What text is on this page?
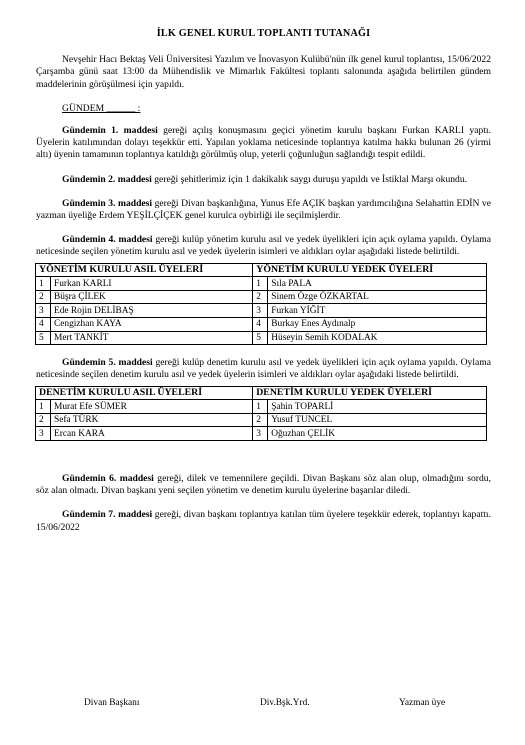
İLK GENEL KURUL TOPLANTI TUTANAĞI

Nevşehir Hacı Bektaş Veli Üniversitesi Yazılım ve İnovasyon Kulübü'nün ilk genel kurul toplantısı, 15/06/2022 Çarşamba günü saat 13:00 da Mühendislik ve Mimarlık Fakültesi toplantı salonunda aşağıda belirtilen gündem maddelerinin görüşülmesi için yapıldı.

GÜNDEM ______ :

Gündemin 1. maddesi gereği açılış konuşmasını geçici yönetim kurulu başkanı Furkan KARLI yaptı. Üyelerin katılımından dolayı teşekkür etti. Yapılan yoklama neticesinde toplantıya katılma hakkı bulunan 26 (yirmi altı) üyenin tamamının toplantıya katıldığı görülmüş olup, yeterli çoğunluğun sağlandığı tespit edildi.

Gündemin 2. maddesi gereği şehitlerimiz için 1 dakikalık saygı duruşu yapıldı ve İstiklal Marşı okundu.

Gündemin 3. maddesi gereği Divan başkanlığına, Yunus Efe AÇIK başkan yardımcılığına Selahattin EDİN ve yazman üyeliğe Erdem YEŞİLÇİÇEK genel kurulca oybirliği ile seçilmişlerdir.

Gündemin 4. maddesi gereği kulüp yönetim kurulu asıl ve yedek üyelikleri için açık oylama yapıldı. Oylama neticesinde seçilen yönetim kurulu asıl ve yedek üyelerin isimleri ve aldıkları oylar aşağıdaki listede belirtildi.

YÖNETİM KURULU ASIL ÜYELERİ		YÖNETİM KURULU YEDEK ÜYELERİ	
1	Furkan KARLI	1	Sıla PALA
2	Büşra ÇİLEK	2	Sinem Özge ÖZKARTAL
3	Ede Rojin DELİBAŞ	3	Furkan YİĞİT
4	Cengizhan KAYA	4	Burkay Enes Aydınalp
5	Mert TANKİT	5	Hüseyin Semih KODALAK

Gündemin 5. maddesi gereği kulüp denetim kurulu asıl ve yedek üyelikleri için açık oylama yapıldı. Oylama neticesinde seçilen denetim kurulu asıl ve yedek üyelerin isimleri ve aldıkları oylar aşağıdaki listede belirtildi.

DENETİM KURULU ASIL ÜYELERİ		DENETİM KURULU YEDEK ÜYELERİ	
1	Murat Efe SÜMER	1	Şahin TOPARLİ
2	Sefa TÜRK	2	Yusuf TUNCEL
3	Ercan KARA	3	Oğuzhan ÇELİK

Gündemin 6. maddesi gereği, dilek ve temennilere geçildi. Divan Başkanı söz alan olup, olmadığını sordu, söz alan olmadı. Divan başkanı yeni seçilen yönetim ve denetim kurulu üyelerine başarılar diledi.

Gündemin 7. maddesi gereği, divan başkanı toplantıya katılan tüm üyelere teşekkür ederek, toplantıyı kapattı. 15/06/2022

Divan Başkanı	Div.Bşk.Yrd.	Yazman üye
